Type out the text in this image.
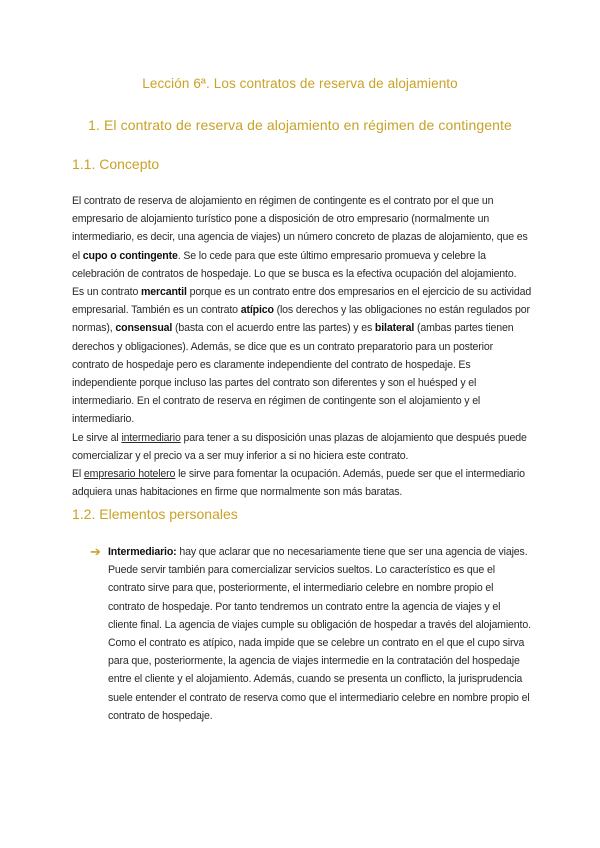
Lección 6ª. Los contratos de reserva de alojamiento
1. El contrato de reserva de alojamiento en régimen de contingente
1.1. Concepto

El contrato de reserva de alojamiento en régimen de contingente es el contrato por el que un empresario de alojamiento turístico pone a disposición de otro empresario (normalmente un intermediario, es decir, una agencia de viajes) un número concreto de plazas de alojamiento, que es el cupo o contingente. Se lo cede para que este último empresario promueva y celebre la celebración de contratos de hospedaje. Lo que se busca es la efectiva ocupación del alojamiento.

Es un contrato mercantil porque es un contrato entre dos empresarios en el ejercicio de su actividad empresarial. También es un contrato atípico (los derechos y las obligaciones no están regulados por normas), consensual (basta con el acuerdo entre las partes) y es bilateral (ambas partes tienen derechos y obligaciones). Además, se dice que es un contrato preparatorio para un posterior contrato de hospedaje pero es claramente independiente del contrato de hospedaje. Es independiente porque incluso las partes del contrato son diferentes y son el huésped y el intermediario. En el contrato de reserva en régimen de contingente son el alojamiento y el intermediario.

Le sirve al intermediario para tener a su disposición unas plazas de alojamiento que después puede comercializar y el precio va a ser muy inferior a si no hiciera este contrato.

El empresario hotelero le sirve para fomentar la ocupación. Además, puede ser que el intermediario adquiera unas habitaciones en firme que normalmente son más baratas.

1.2. Elementos personales
➔ Intermediario: hay que aclarar que no necesariamente tiene que ser una agencia de viajes. Puede servir también para comercializar servicios sueltos. Lo característico es que el contrato sirve para que, posteriormente, el intermediario celebre en nombre propio el contrato de hospedaje. Por tanto tendremos un contrato entre la agencia de viajes y el cliente final. La agencia de viajes cumple su obligación de hospedar a través del alojamiento. Como el contrato es atípico, nada impide que se celebre un contrato en el que el cupo sirva para que, posteriormente, la agencia de viajes intermedie en la contratación del hospedaje entre el cliente y el alojamiento. Además, cuando se presenta un conflicto, la jurisprudencia suele entender el contrato de reserva como que el intermediario celebre en nombre propio el contrato de hospedaje.
